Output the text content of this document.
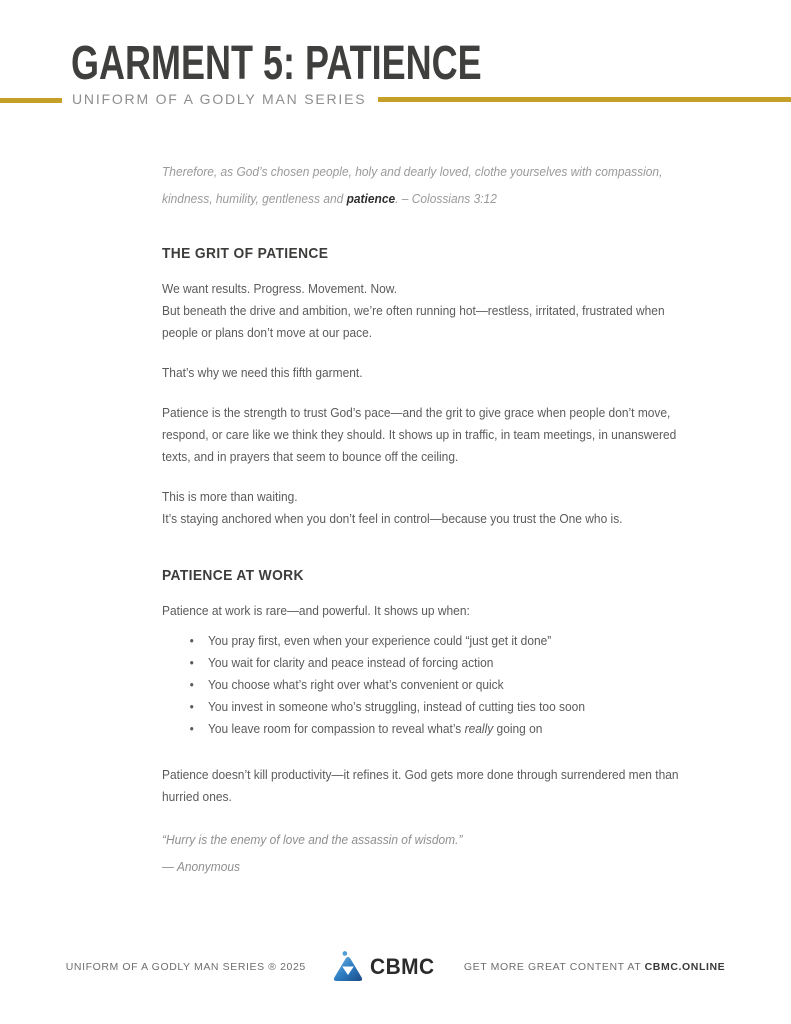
GARMENT 5: PATIENCE
UNIFORM OF A GODLY MAN SERIES

Therefore, as God’s chosen people, holy and dearly loved, clothe yourselves with compassion, kindness, humility, gentleness and patience. – Colossians 3:12

THE GRIT OF PATIENCE

We want results. Progress. Movement. Now.
But beneath the drive and ambition, we’re often running hot—restless, irritated, frustrated when people or plans don’t move at our pace.

That’s why we need this fifth garment.

Patience is the strength to trust God’s pace—and the grit to give grace when people don’t move, respond, or care like we think they should. It shows up in traffic, in team meetings, in unanswered texts, and in prayers that seem to bounce off the ceiling.

This is more than waiting.
It’s staying anchored when you don’t feel in control—because you trust the One who is.

PATIENCE AT WORK

Patience at work is rare—and powerful. It shows up when:

• You pray first, even when your experience could “just get it done”
• You wait for clarity and peace instead of forcing action
• You choose what’s right over what’s convenient or quick
• You invest in someone who’s struggling, instead of cutting ties too soon
• You leave room for compassion to reveal what’s really going on

Patience doesn’t kill productivity—it refines it. God gets more done through surrendered men than hurried ones.

“Hurry is the enemy of love and the assassin of wisdom.”
— Anonymous

UNIFORM OF A GODLY MAN SERIES ® 2025	CBMC	GET MORE GREAT CONTENT AT CBMC.ONLINE
